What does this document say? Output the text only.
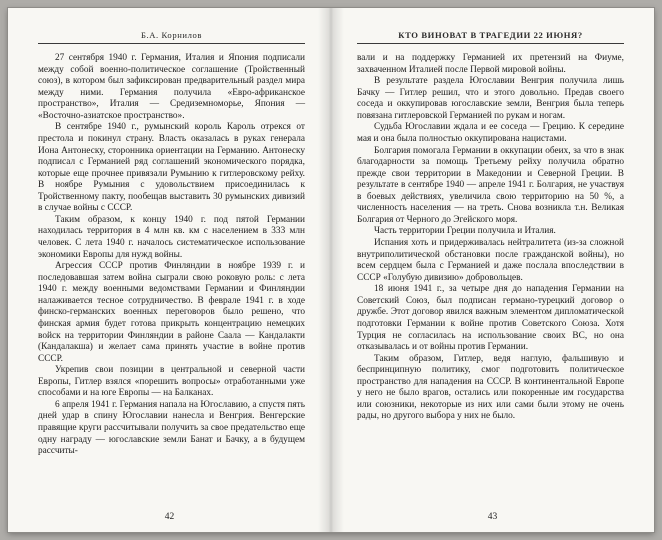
Б.А. Корнилов

27 сентября 1940 г. Германия, Италия и Япония подписали между собой военно-политическое соглашение (Тройственный союз), в котором был зафиксирован предварительный раздел мира между ними. Германия получила «Евро-африканское пространство», Италия — Средиземноморье, Япония — «Восточно-азиатское пространство».

В сентябре 1940 г., румынский король Кароль отрекся от престола и покинул страну. Власть оказалась в руках генерала Иона Антонеску, сторонника ориентации на Германию. Антонеску подписал с Германией ряд соглашений экономического порядка, которые еще прочнее привязали Румынию к гитлеровскому рейху. В ноябре Румыния с удовольствием присоединилась к Тройственному пакту, пообещав выставить 30 румынских дивизий в случае войны с СССР.

Таким образом, к концу 1940 г. под пятой Германии находилась территория в 4 млн кв. км с населением в 333 млн человек. С лета 1940 г. началось систематическое использование экономики Европы для нужд войны.

Агрессия СССР против Финляндии в ноябре 1939 г. и последовавшая затем война сыграли свою роковую роль: с лета 1940 г. между военными ведомствами Германии и Финляндии налаживается тесное сотрудничество. В феврале 1941 г. в ходе финско-германских военных переговоров было решено, что финская армия будет готова прикрыть концентрацию немецких войск на территории Финляндии в районе Саала — Кандалакти (Кандалакша) и желает сама принять участие в войне против СССР.

Укрепив свои позиции в центральной и северной части Европы, Гитлер взялся «порешить вопросы» отработанными уже способами и на юге Европы — на Балканах.

6 апреля 1941 г. Германия напала на Югославию, а спустя пять дней удар в спину Югославии нанесла и Венгрия. Венгерские правящие круги рассчитывали получить за свое предательство еще одну награду — югославские земли Банат и Бачку, а в будущем рассчиты-

42
КТО ВИНОВАТ В ТРАГЕДИИ 22 ИЮНЯ?

вали и на поддержку Германией их претензий на Фиуме, захваченном Италией после Первой мировой войны.

В результате раздела Югославии Венгрия получила лишь Бачку — Гитлер решил, что и этого довольно. Предав своего соседа и оккупировав югославские земли, Венгрия была теперь повязана гитлеровской Германией по рукам и ногам.

Судьба Югославии ждала и ее соседа — Грецию. К середине мая и она была полностью оккупирована нацистами.

Болгария помогала Германии в оккупации обеих, за что в знак благодарности за помощь Третьему рейху получила обратно прежде свои территории в Македонии и Северной Греции. В результате в сентябре 1940 — апреле 1941 г. Болгария, не участвуя в боевых действиях, увеличила свою территорию на 50 %, а численность населения — на треть. Снова возникла т.н. Великая Болгария от Черного до Эгейского моря.

Часть территории Греции получила и Италия.

Испания хоть и придерживалась нейтралитета (из-за сложной внутриполитической обстановки после гражданской войны), но всем сердцем была с Германией и даже послала впоследствии в СССР «Голубую дивизию» добровольцев.

18 июня 1941 г., за четыре дня до нападения Германии на Советский Союз, был подписан германо-турецкий договор о дружбе. Этот договор явился важным элементом дипломатической подготовки Германии к войне против Советского Союза. Хотя Турция не согласилась на использование своих ВС, но она отказывалась и от войны против Германии.

Таким образом, Гитлер, ведя наглую, фальшивую и беспринципную политику, смог подготовить политическое пространство для нападения на СССР. В континентальной Европе у него не было врагов, остались или покоренные им государства или союзники, некоторые из них или сами были этому не очень рады, но другого выбора у них не было.

43
